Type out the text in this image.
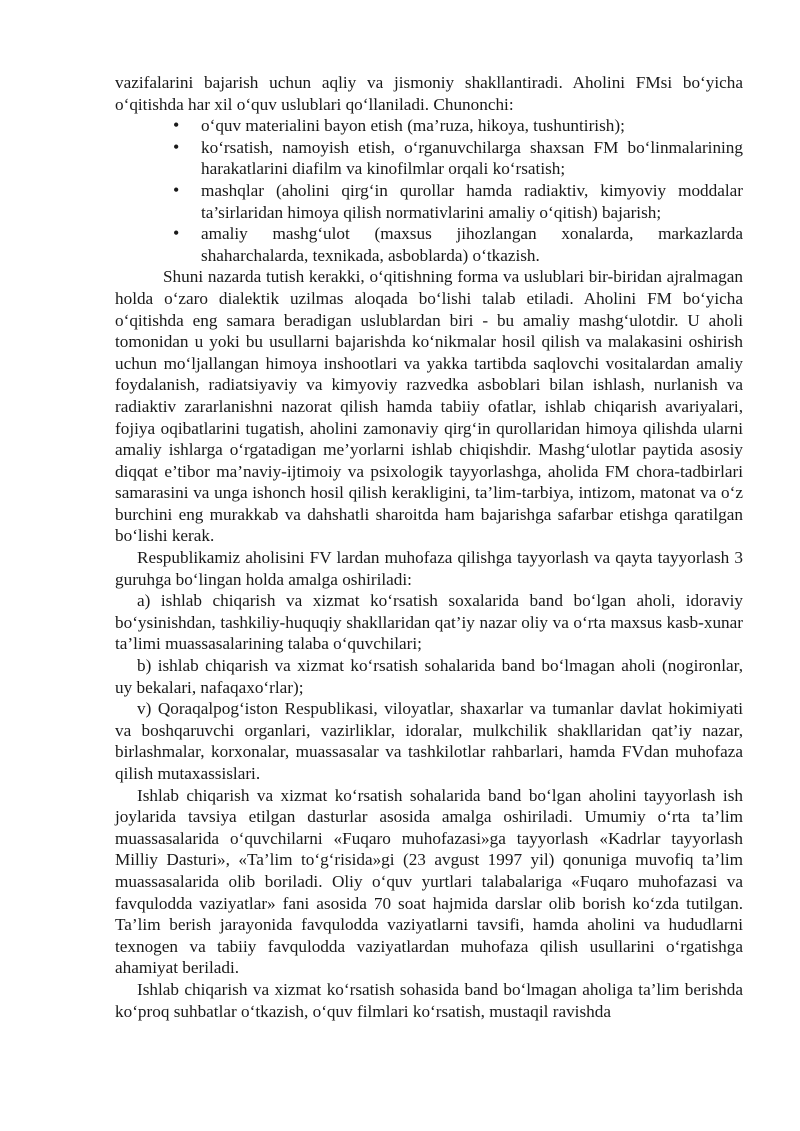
vazifalarini bajarish uchun aqliy va jismoniy shakllantiradi. Aholini FMsi bo‘yicha o‘qitishda har xil o‘quv uslublari qo‘llaniladi. Chunonchi:

• o‘quv materialini bayon etish (ma’ruza, hikoya, tushuntirish);
• ko‘rsatish, namoyish etish, o‘rganuvchilarga shaxsan FM bo‘linmalarining harakatlarini diafilm va kinofilmlar orqali ko‘rsatish;
• mashqlar (aholini qirg‘in qurollar hamda radiaktiv, kimyoviy moddalar ta’sirlaridan himoya qilish normativlarini amaliy o‘qitish) bajarish;
• amaliy mashg‘ulot (maxsus jihozlangan xonalarda, markazlarda shaharchalarda, texnikada, asboblarda) o‘tkazish.

Shuni nazarda tutish kerakki, o‘qitishning forma va uslublari bir-biridan ajralmagan holda o‘zaro dialektik uzilmas aloqada bo‘lishi talab etiladi. Aholini FM bo‘yicha o‘qitishda eng samara beradigan uslublardan biri - bu amaliy mashg‘ulotdir. U aholi tomonidan u yoki bu usullarni bajarishda ko‘nikmalar hosil qilish va malakasini oshirish uchun mo‘ljallangan himoya inshootlari va yakka tartibda saqlovchi vositalardan amaliy foydalanish, radiatsiyaviy va kimyoviy razvedka asboblari bilan ishlash, nurlanish va radiaktiv zararlanishni nazorat qilish hamda tabiiy ofatlar, ishlab chiqarish avariyalari, fojiya oqibatlarini tugatish, aholini zamonaviy qirg‘in qurollaridan himoya qilishda ularni amaliy ishlarga o‘rgatadigan me’yorlarni ishlab chiqishdir. Mashg‘ulotlar paytida asosiy diqqat e’tibor ma’naviy-ijtimoiy va psixologik tayyorlashga, aholida FM chora-tadbirlari samarasini va unga ishonch hosil qilish kerakligini, ta’lim-tarbiya, intizom, matonat va o‘z burchini eng murakkab va dahshatli sharoitda ham bajarishga safarbar etishga qaratilgan bo‘lishi kerak.

Respublikamiz aholisini FV lardan muhofaza qilishga tayyorlash va qayta tayyorlash 3 guruhga bo‘lingan holda amalga oshiriladi:

a) ishlab chiqarish va xizmat ko‘rsatish soxalarida band bo‘lgan aholi, idoraviy bo‘ysinishdan, tashkiliy-huquqiy shakllaridan qat’iy nazar oliy va o‘rta maxsus kasb-xunar ta’limi muassasalarining talaba o‘quvchilari;

b) ishlab chiqarish va xizmat ko‘rsatish sohalarida band bo‘lmagan aholi (nogironlar, uy bekalari, nafaqaxo‘rlar);

v) Qoraqalpog‘iston Respublikasi, viloyatlar, shaxarlar va tumanlar davlat hokimiyati va boshqaruvchi organlari, vazirliklar, idoralar, mulkchilik shakllaridan qat’iy nazar, birlashmalar, korxonalar, muassasalar va tashkilotlar rahbarlari, hamda FVdan muhofaza qilish mutaxassislari.

Ishlab chiqarish va xizmat ko‘rsatish sohalarida band bo‘lgan aholini tayyorlash ish joylarida tavsiya etilgan dasturlar asosida amalga oshiriladi. Umumiy o‘rta ta’lim muassasalarida o‘quvchilarni «Fuqaro muhofazasi»ga tayyorlash «Kadrlar tayyorlash Milliy Dasturi», «Ta’lim to‘g‘risida»gi (23 avgust 1997 yil) qonuniga muvofiq ta’lim muassasalarida olib boriladi. Oliy o‘quv yurtlari talabalariga «Fuqaro muhofazasi va favqulodda vaziyatlar» fani asosida 70 soat hajmida darslar olib borish ko‘zda tutilgan. Ta’lim berish jarayonida favqulodda vaziyatlarni tavsifi, hamda aholini va hududlarni texnogen va tabiiy favqulodda vaziyatlardan muhofaza qilish usullarini o‘rgatishga ahamiyat beriladi.

Ishlab chiqarish va xizmat ko‘rsatish sohasida band bo‘lmagan aholiga ta’lim berishda ko‘proq suhbatlar o‘tkazish, o‘quv filmlari ko‘rsatish, mustaqil ravishda
